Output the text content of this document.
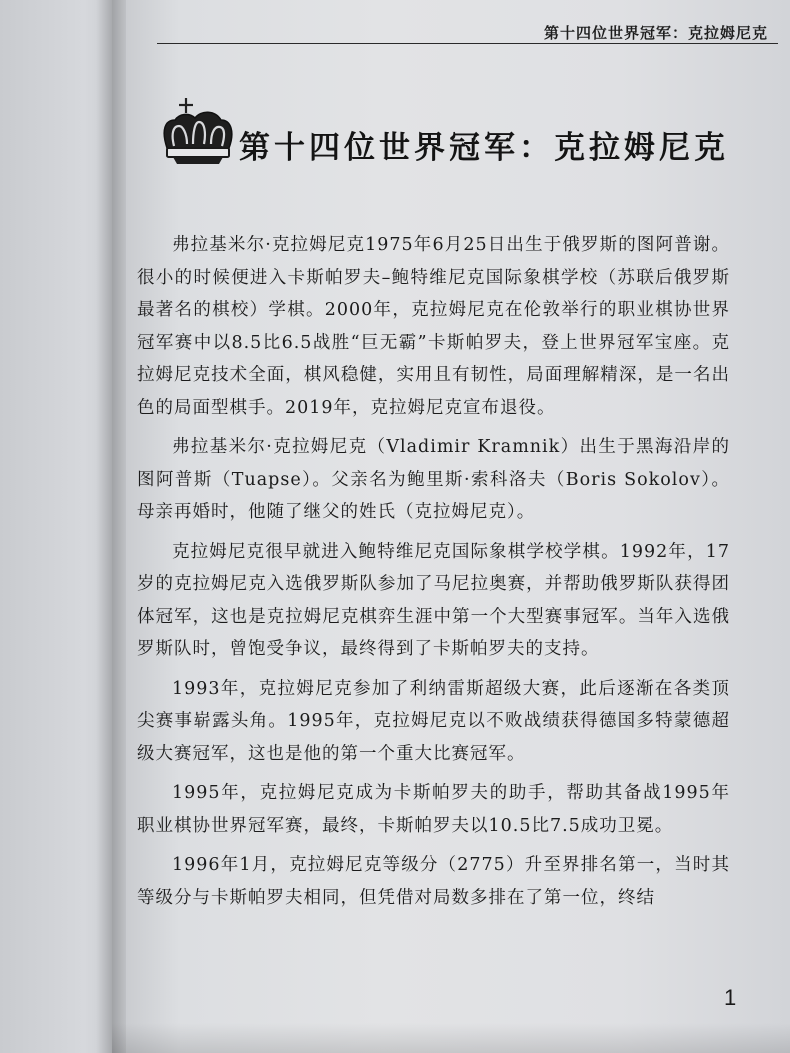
第十四位世界冠军：克拉姆尼克
第十四位世界冠军：克拉姆尼克

弗拉基米尔·克拉姆尼克1975年6月25日出生于俄罗斯的图阿普谢。很小的时候便进入卡斯帕罗夫–鲍特维尼克国际象棋学校（苏联后俄罗斯最著名的棋校）学棋。2000年，克拉姆尼克在伦敦举行的职业棋协世界冠军赛中以8.5比6.5战胜“巨无霸”卡斯帕罗夫，登上世界冠军宝座。克拉姆尼克技术全面，棋风稳健，实用且有韧性，局面理解精深，是一名出色的局面型棋手。2019年，克拉姆尼克宣布退役。

弗拉基米尔·克拉姆尼克（Vladimir Kramnik）出生于黑海沿岸的图阿普斯（Tuapse）。父亲名为鲍里斯·索科洛夫（Boris Sokolov）。母亲再婚时，他随了继父的姓氏（克拉姆尼克）。

克拉姆尼克很早就进入鲍特维尼克国际象棋学校学棋。1992年，17岁的克拉姆尼克入选俄罗斯队参加了马尼拉奥赛，并帮助俄罗斯队获得团体冠军，这也是克拉姆尼克棋弈生涯中第一个大型赛事冠军。当年入选俄罗斯队时，曾饱受争议，最终得到了卡斯帕罗夫的支持。

1993年，克拉姆尼克参加了利纳雷斯超级大赛，此后逐渐在各类顶尖赛事崭露头角。1995年，克拉姆尼克以不败战绩获得德国多特蒙德超级大赛冠军，这也是他的第一个重大比赛冠军。

1995年，克拉姆尼克成为卡斯帕罗夫的助手，帮助其备战1995年职业棋协世界冠军赛，最终，卡斯帕罗夫以10.5比7.5成功卫冕。

1996年1月，克拉姆尼克等级分（2775）升至界排名第一，当时其等级分与卡斯帕罗夫相同，但凭借对局数多排在了第一位，终结

1
